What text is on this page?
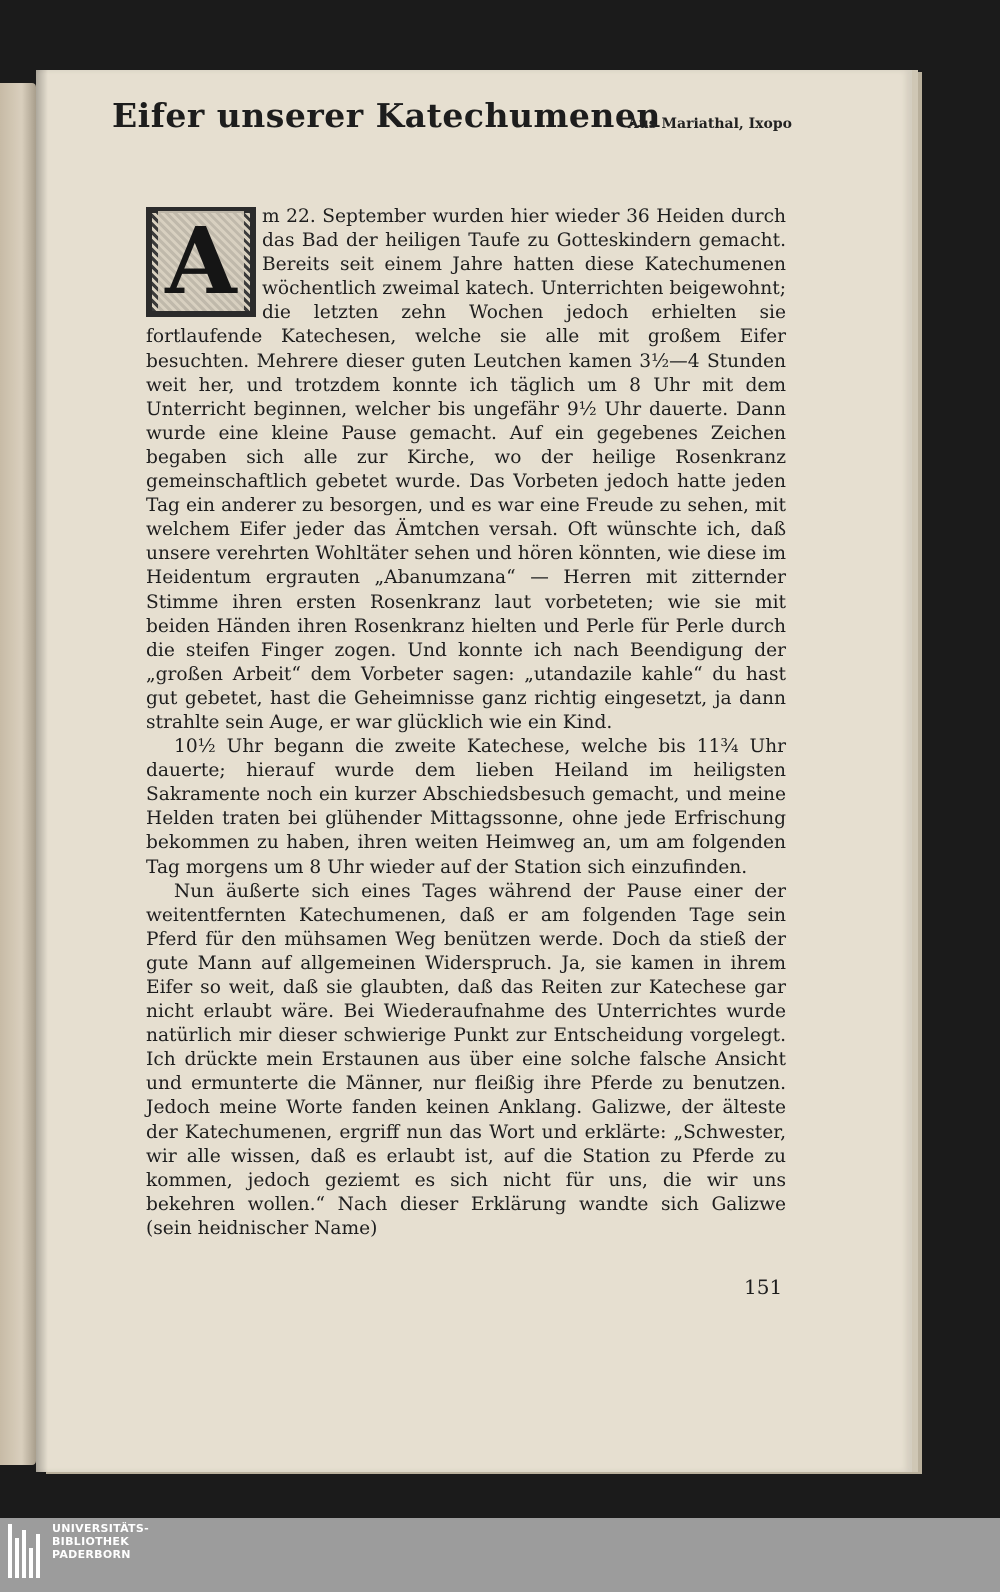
Eifer unserer Katechumenen
Aus Mariathal, Ixopo
A	m 22. September wurden hier wieder 36 Heiden durch das Bad der heiligen Taufe zu Gotteskindern gemacht. Bereits seit einem Jahre hatten diese Katechumenen wöchentlich zweimal katech. Unterrichten beigewohnt; die letzten zehn Wochen jedoch erhielten sie fortlaufende Katechesen, welche sie alle mit großem Eifer besuchten. Mehrere dieser guten Leutchen kamen 3½—4 Stunden weit her, und trotzdem konnte ich täglich um 8 Uhr mit dem Unterricht beginnen, welcher bis ungefähr 9½ Uhr dauerte. Dann wurde eine kleine Pause gemacht. Auf ein gegebenes Zeichen begaben sich alle zur Kirche, wo der heilige Rosenkranz gemeinschaftlich gebetet wurde. Das Vorbeten jedoch hatte jeden Tag ein anderer zu besorgen, und es war eine Freude zu sehen, mit welchem Eifer jeder das Ämtchen versah. Oft wünschte ich, daß unsere verehrten Wohltäter sehen und hören könnten, wie diese im Heidentum ergrauten „Abanumzana“ — Herren mit zitternder Stimme ihren ersten Rosenkranz laut vorbeteten; wie sie mit beiden Händen ihren Rosenkranz hielten und Perle für Perle durch die steifen Finger zogen. Und konnte ich nach Beendigung der „großen Arbeit“ dem Vorbeter sagen: „utandazile kahle“ du hast gut gebetet, hast die Geheimnisse ganz richtig eingesetzt, ja dann strahlte sein Auge, er war glücklich wie ein Kind.

10½ Uhr begann die zweite Katechese, welche bis 11¾ Uhr dauerte; hierauf wurde dem lieben Heiland im heiligsten Sakramente noch ein kurzer Abschiedsbesuch gemacht, und meine Helden traten bei glühender Mittagssonne, ohne jede Erfrischung bekommen zu haben, ihren weiten Heimweg an, um am folgenden Tag morgens um 8 Uhr wieder auf der Station sich einzufinden.

Nun äußerte sich eines Tages während der Pause einer der weitentfernten Katechumenen, daß er am folgenden Tage sein Pferd für den mühsamen Weg benützen werde. Doch da stieß der gute Mann auf allgemeinen Widerspruch. Ja, sie kamen in ihrem Eifer so weit, daß sie glaubten, daß das Reiten zur Katechese gar nicht erlaubt wäre. Bei Wiederaufnahme des Unterrichtes wurde natürlich mir dieser schwierige Punkt zur Entscheidung vorgelegt. Ich drückte mein Erstaunen aus über eine solche falsche Ansicht und ermunterte die Männer, nur fleißig ihre Pferde zu benutzen. Jedoch meine Worte fanden keinen Anklang. Galizwe, der älteste der Katechumenen, ergriff nun das Wort und erklärte: „Schwester, wir alle wissen, daß es erlaubt ist, auf die Station zu Pferde zu kommen, jedoch geziemt es sich nicht für uns, die wir uns bekehren wollen.“ Nach dieser Erklärung wandte sich Galizwe (sein heidnischer Name)

151
UNIVERSITÄTS-
BIBLIOTHEK
PADERBORN
